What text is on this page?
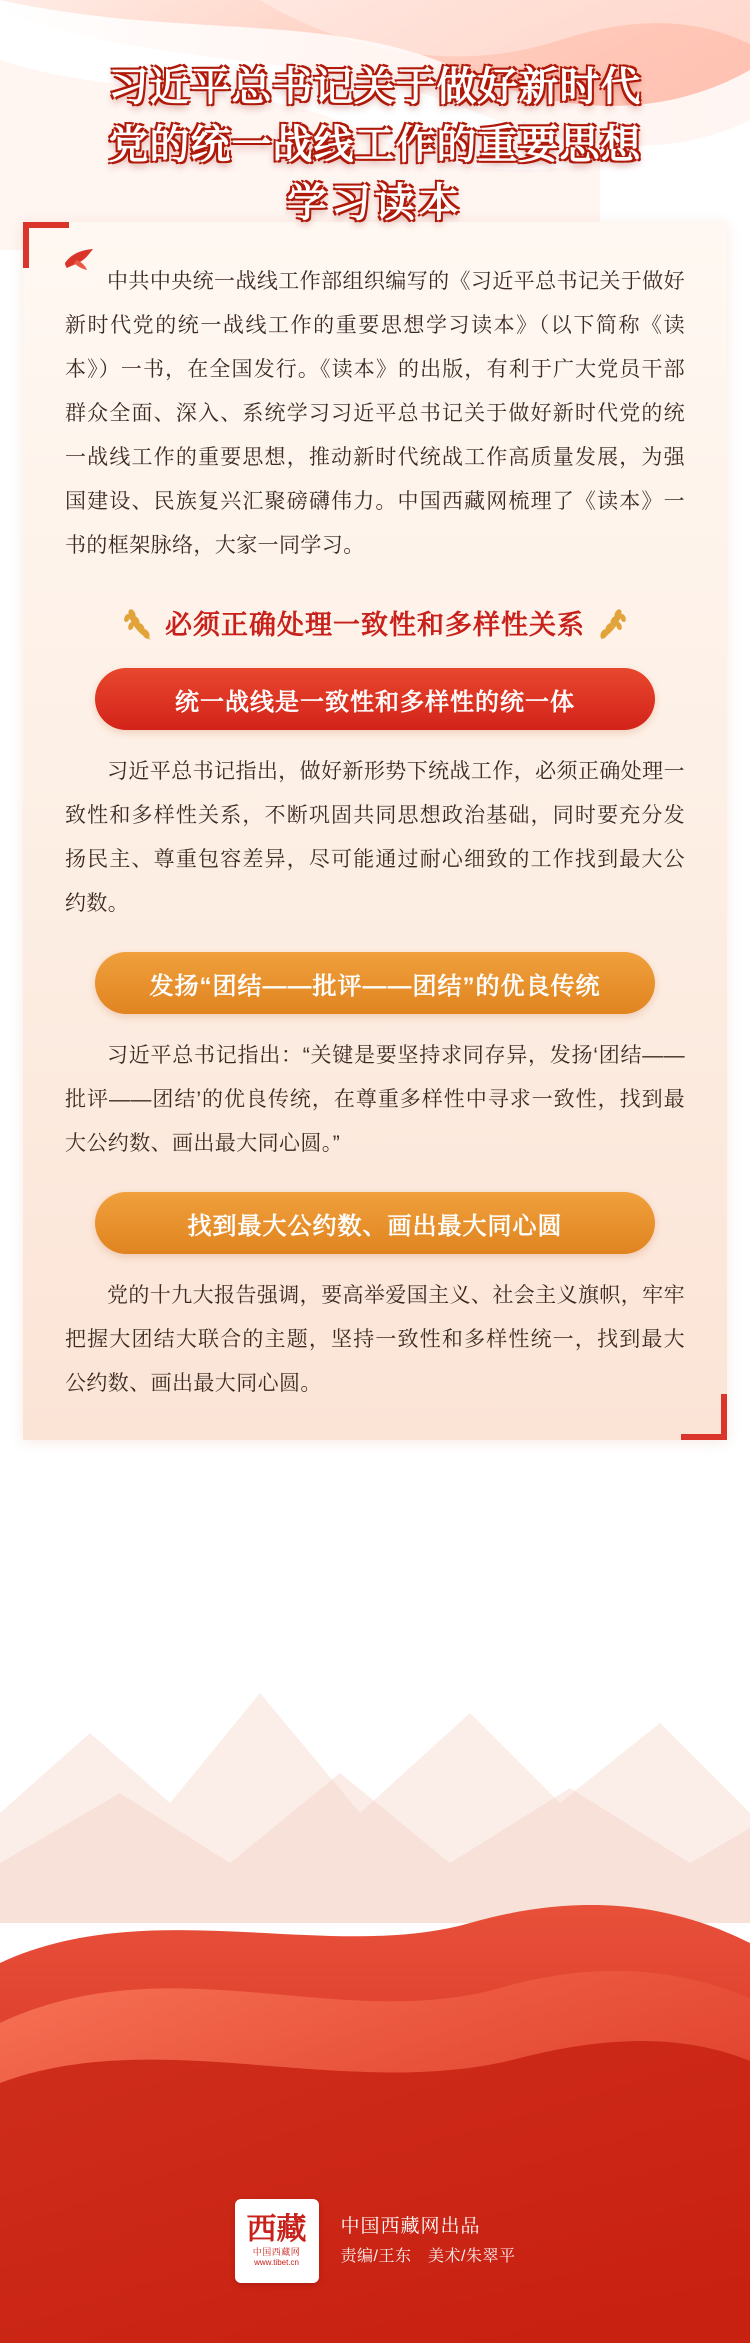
习近平总书记关于做好新时代
党的统一战线工作的重要思想
学习读本
中共中央统一战线工作部组织编写的《习近平总书记关于做好新时代党的统一战线工作的重要思想学习读本》（以下简称《读本》）一书，在全国发行。《读本》的出版，有利于广大党员干部群众全面、深入、系统学习习近平总书记关于做好新时代党的统一战线工作的重要思想，推动新时代统战工作高质量发展，为强国建设、民族复兴汇聚磅礴伟力。中国西藏网梳理了《读本》一书的框架脉络，大家一同学习。
必须正确处理一致性和多样性关系
统一战线是一致性和多样性的统一体
习近平总书记指出，做好新形势下统战工作，必须正确处理一致性和多样性关系，不断巩固共同思想政治基础，同时要充分发扬民主、尊重包容差异，尽可能通过耐心细致的工作找到最大公约数。
发扬“团结——批评——团结”的优良传统
习近平总书记指出：“关键是要坚持求同存异，发扬‘团结——批评——团结’的优良传统，在尊重多样性中寻求一致性，找到最大公约数、画出最大同心圆。”
找到最大公约数、画出最大同心圆
党的十九大报告强调，要高举爱国主义、社会主义旗帜，牢牢把握大团结大联合的主题，坚持一致性和多样性统一，找到最大公约数、画出最大同心圆。
西藏
中国西藏网
www.tibet.cn
中国西藏网出品
责编/王东　美术/朱翠平
